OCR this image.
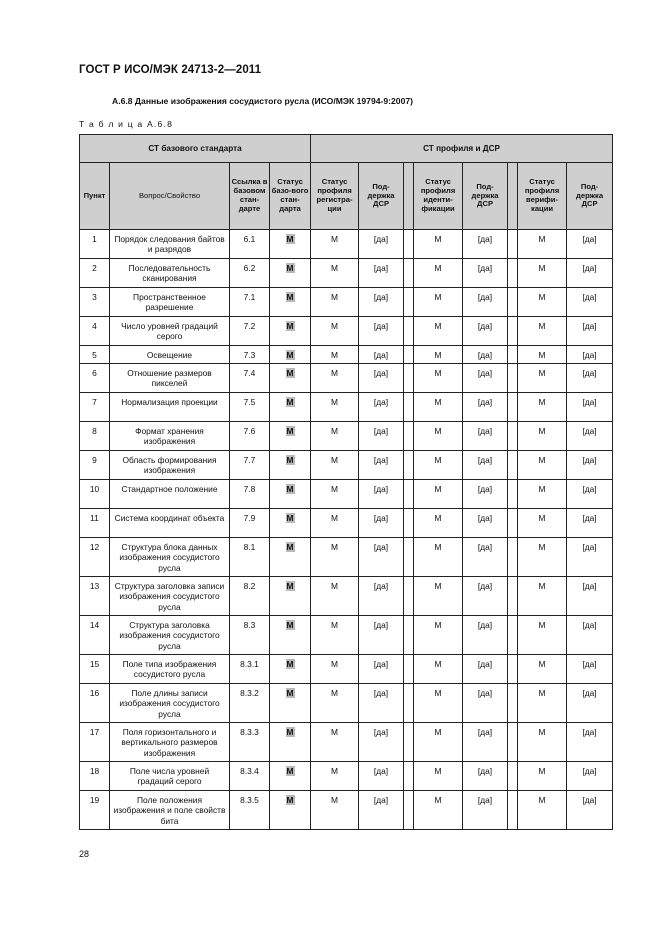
ГОСТ Р ИСО/МЭК 24713-2—2011
А.6.8 Данные изображения сосудистого русла (ИСО/МЭК 19794-9:2007)
Т а б л и ц а А.6.8
СТ базового стандарта				СТ профиля и ДСР							
Пункт	Вопрос/Свойство	Ссылка в базовом стан-дарте	Статус базо-вого стан-дарта	Статус профиля регистра-ции	Под-держка ДСР		Статус профиля иденти-фикации	Под-держка ДСР		Статус профиля верифи-кации	Под-держка ДСР
1	Порядок следования байтов и разрядов	6.1	M	M	[да]		M	[да]		M	[да]
2	Последовательность сканирования	6.2	M	M	[да]		M	[да]		M	[да]
3	Пространственное разрешение	7.1	M	M	[да]		M	[да]		M	[да]
4	Число уровней градаций серого	7.2	M	M	[да]		M	[да]		M	[да]
5	Освещение	7.3	M	M	[да]		M	[да]		M	[да]
6	Отношение размеров пикселей	7.4	M	M	[да]		M	[да]		M	[да]
7	Нормализация проекции	7.5	M	M	[да]		M	[да]		M	[да]
8	Формат хранения изображения	7.6	M	M	[да]		M	[да]		M	[да]
9	Область формирования изображения	7.7	M	M	[да]		M	[да]		M	[да]
10	Стандартное положение	7.8	M	M	[да]		M	[да]		M	[да]
11	Система координат объекта	7.9	M	M	[да]		M	[да]		M	[да]
12	Структура блока данных изображения сосудистого русла	8.1	M	M	[да]		M	[да]		M	[да]
13	Структура заголовка записи изображения сосудистого русла	8.2	M	M	[да]		M	[да]		M	[да]
14	Структура заголовка изображения сосудистого русла	8.3	M	M	[да]		M	[да]		M	[да]
15	Поле типа изображения сосудистого русла	8.3.1	M	M	[да]		M	[да]		M	[да]
16	Поле длины записи изображения сосудистого русла	8.3.2	M	M	[да]		M	[да]		M	[да]
17	Поля горизонтального и вертикального размеров изображения	8.3.3	M	M	[да]		M	[да]		M	[да]
18	Поле числа уровней градаций серого	8.3.4	M	M	[да]		M	[да]		M	[да]
19	Поле положения изображения и поле свойств бита	8.3.5	M	M	[да]		M	[да]		M	[да]
28
